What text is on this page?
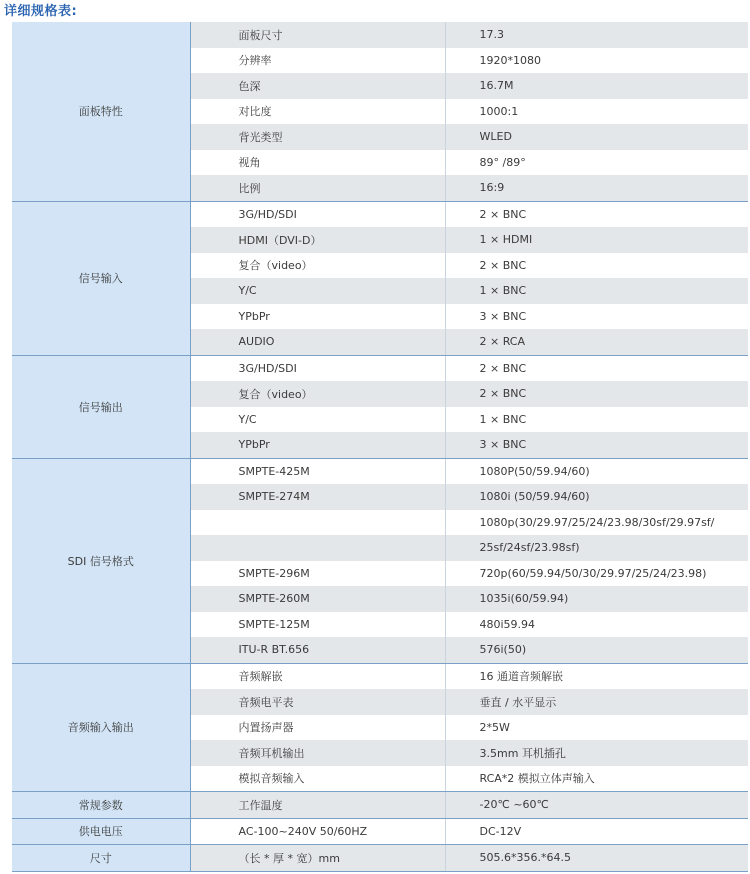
详细规格表:
面板特性	面板尺寸	17.3
	分辨率	1920*1080
	色深	16.7M
	对比度	1000:1
	背光类型	WLED
	视角	89° /89°
	比例	16:9
信号输入	3G/HD/SDI	2 × BNC
	HDMI（DVI-D）	1 × HDMI
	复合（video）	2 × BNC
	Y/C	1 × BNC
	YPbPr	3 × BNC
	AUDIO	2 × RCA
信号输出	3G/HD/SDI	2 × BNC
	复合（video）	2 × BNC
	Y/C	1 × BNC
	YPbPr	3 × BNC
SDI 信号格式	SMPTE-425M	1080P(50/59.94/60)
	SMPTE-274M	1080i (50/59.94/60)
		1080p(30/29.97/25/24/23.98/30sf/29.97sf/
		25sf/24sf/23.98sf)
	SMPTE-296M	720p(60/59.94/50/30/29.97/25/24/23.98)
	SMPTE-260M	1035i(60/59.94)
	SMPTE-125M	480i59.94
	ITU-R BT.656	576i(50)
音频输入输出	音频解嵌	16 通道音频解嵌
	音频电平表	垂直 / 水平显示
	内置扬声器	2*5W
	音频耳机输出	3.5mm 耳机插孔
	模拟音频输入	RCA*2 模拟立体声输入
常规参数	工作温度	-20℃ ~60℃
供电电压	AC-100~240V 50/60HZ	DC-12V
尺寸	（长 * 厚 * 宽）mm	505.6*356.*64.5
